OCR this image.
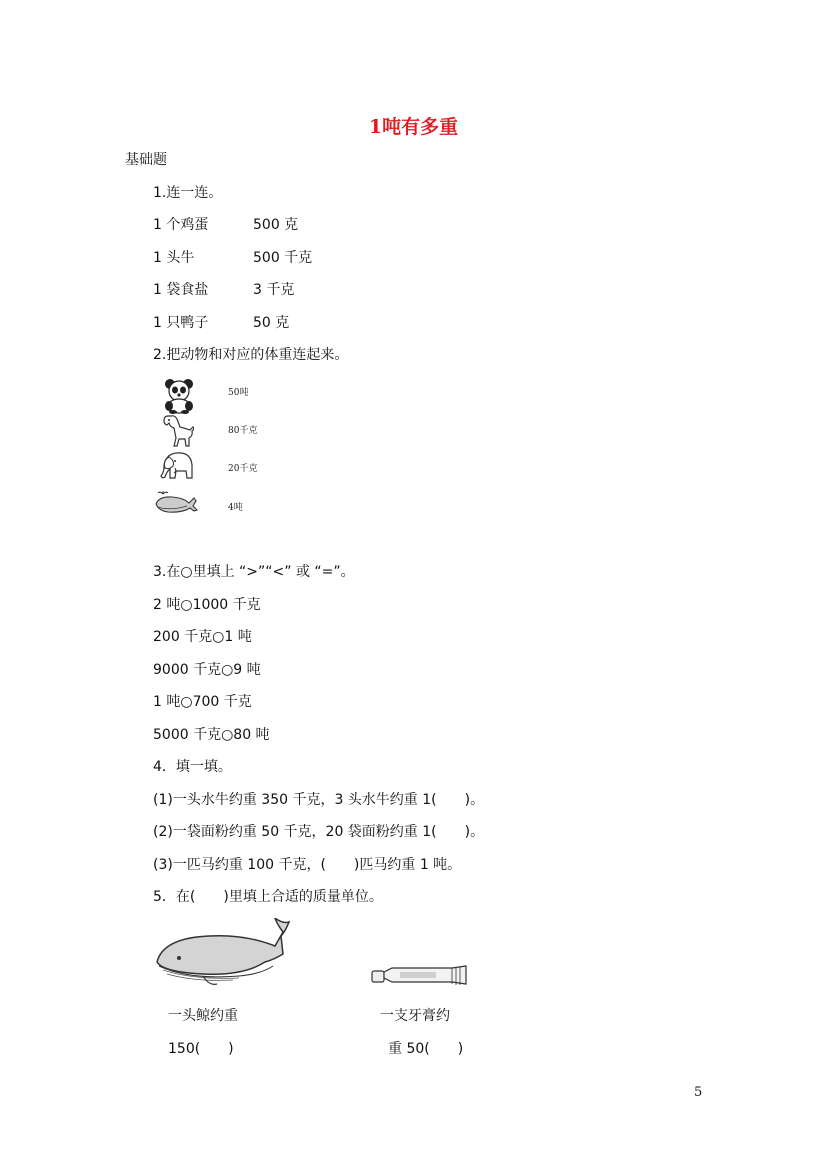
1吨有多重
基础题
1.连一连。
1 个鸡蛋	500 克
1 头牛	500 千克
1 袋食盐	3 千克
1 只鸭子	50 克
2.把动物和对应的体重连起来。
50吨
80千克
20千克
4吨
3.在○里填上 “>”“<” 或 “=”。
2 吨○1000 千克
200 千克○1 吨
9000 千克○9 吨
1 吨○700 千克
5000 千克○80 吨
4．填一填。
(1)一头水牛约重 350 千克，3 头水牛约重 1(　　)。
(2)一袋面粉约重 50 千克，20 袋面粉约重 1(　　)。
(3)一匹马约重 100 千克，(　　)匹马约重 1 吨。
5．在(　　)里填上合适的质量单位。
一头鲸约重
150(　　)
一支牙膏约
重 50(　　)
5
